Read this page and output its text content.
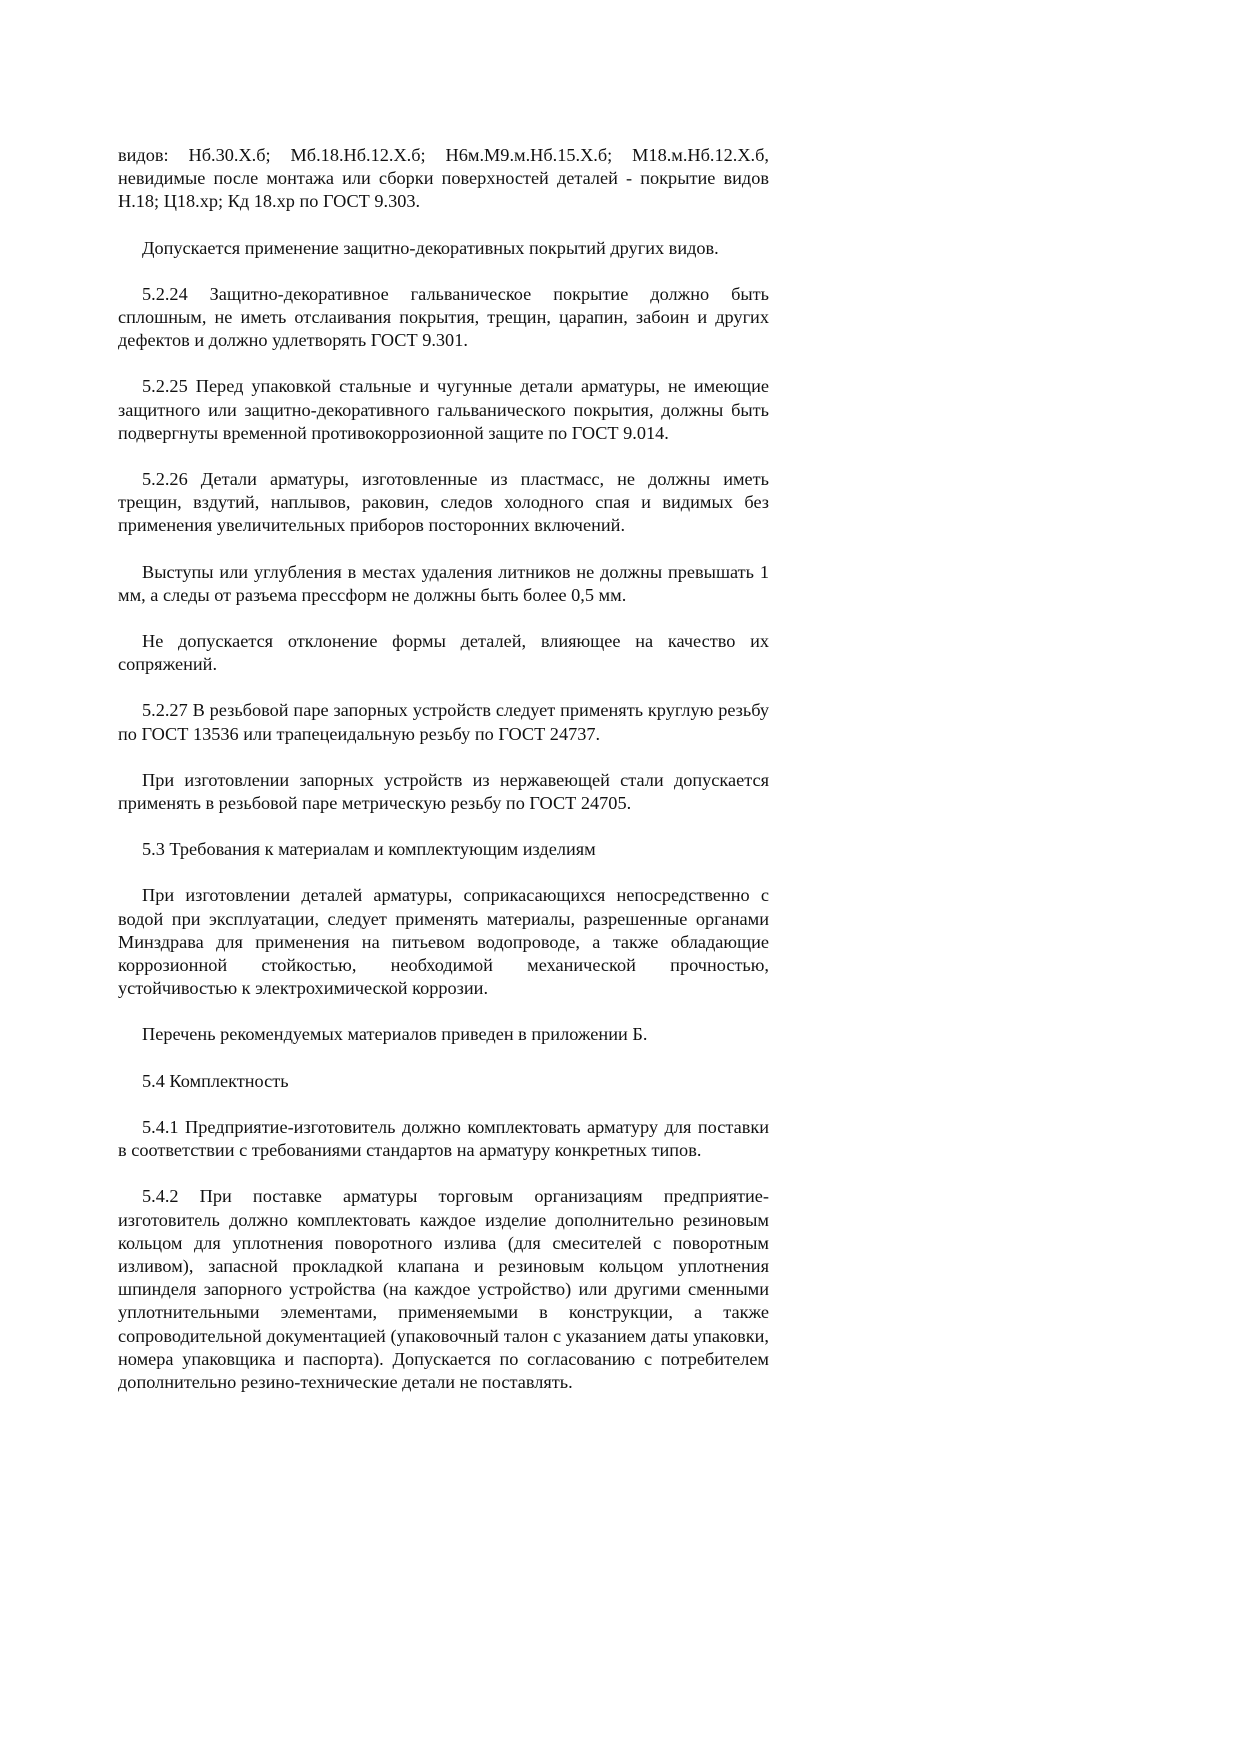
видов: Нб.30.Х.б; Мб.18.Нб.12.Х.б; Н6м.М9.м.Нб.15.Х.б; М18.м.Нб.12.Х.б, невидимые после монтажа или сборки поверхностей деталей - покрытие видов Н.18; Ц18.хр; Кд 18.хр по ГОСТ 9.303.

Допускается применение защитно-декоративных покрытий других видов.

5.2.24 Защитно-декоративное гальваническое покрытие должно быть сплошным, не иметь отслаивания покрытия, трещин, царапин, забоин и других дефектов и должно удлетворять ГОСТ 9.301.

5.2.25 Перед упаковкой стальные и чугунные детали арматуры, не имеющие защитного или защитно-декоративного гальванического покрытия, должны быть подвергнуты временной противокоррозионной защите по ГОСТ 9.014.

5.2.26 Детали арматуры, изготовленные из пластмасс, не должны иметь трещин, вздутий, наплывов, раковин, следов холодного спая и видимых без применения увеличительных приборов посторонних включений.

Выступы или углубления в местах удаления литников не должны превышать 1 мм, а следы от разъема прессформ не должны быть более 0,5 мм.

Не допускается отклонение формы деталей, влияющее на качество их сопряжений.

5.2.27 В резьбовой паре запорных устройств следует применять круглую резьбу по ГОСТ 13536 или трапецеидальную резьбу по ГОСТ 24737.

При изготовлении запорных устройств из нержавеющей стали допускается применять в резьбовой паре метрическую резьбу по ГОСТ 24705.

5.3 Требования к материалам и комплектующим изделиям

При изготовлении деталей арматуры, соприкасающихся непосредственно с водой при эксплуатации, следует применять материалы, разрешенные органами Минздрава для применения на питьевом водопроводе, а также обладающие коррозионной стойкостью, необходимой механической прочностью, устойчивостью к электрохимической коррозии.

Перечень рекомендуемых материалов приведен в приложении Б.

5.4 Комплектность

5.4.1 Предприятие-изготовитель должно комплектовать арматуру для поставки в соответствии с требованиями стандартов на арматуру конкретных типов.

5.4.2 При поставке арматуры торговым организациям предприятие-изготовитель должно комплектовать каждое изделие дополнительно резиновым кольцом для уплотнения поворотного излива (для смесителей с поворотным изливом), запасной прокладкой клапана и резиновым кольцом уплотнения шпинделя запорного устройства (на каждое устройство) или другими сменными уплотнительными элементами, применяемыми в конструкции, а также сопроводительной документацией (упаковочный талон с указанием даты упаковки, номера упаковщика и паспорта). Допускается по согласованию с потребителем дополнительно резино-технические детали не поставлять.
